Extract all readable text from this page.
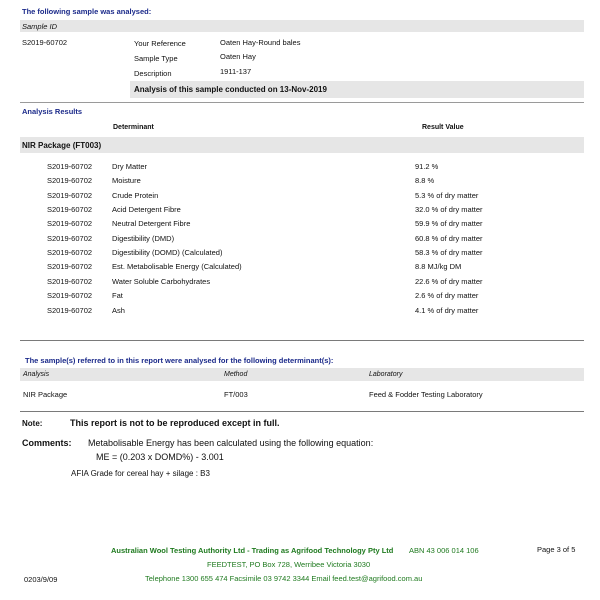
The following sample was analysed:
Sample ID
S2019-60702	Your Reference	Oaten Hay-Round bales
Sample Type	Oaten Hay
Description	1911-137
Analysis of this sample conducted on 13-Nov-2019
Analysis Results
Determinant	Result Value
NIR Package (FT003)
S2019-60702	Dry Matter	91.2 %
S2019-60702	Moisture	8.8 %
S2019-60702	Crude Protein	5.3 % of dry matter
S2019-60702	Acid Detergent Fibre	32.0 % of dry matter
S2019-60702	Neutral Detergent Fibre	59.9 % of dry matter
S2019-60702	Digestibility (DMD)	60.8 % of dry matter
S2019-60702	Digestibility (DOMD) (Calculated)	58.3 % of dry matter
S2019-60702	Est. Metabolisable Energy (Calculated)	8.8 MJ/kg DM
S2019-60702	Water Soluble Carbohydrates	22.6 % of dry matter
S2019-60702	Fat	2.6 % of dry matter
S2019-60702	Ash	4.1 % of dry matter
The sample(s) referred to in this report were analysed for the following determinant(s):
Analysis	Method	Laboratory
NIR Package	FT/003	Feed & Fodder Testing Laboratory
Note:	This report is not to be reproduced except in full.
Comments: Metabolisable Energy has been calculated using the following equation:
ME = (0.203 x DOMD%) - 3.001
AFIA Grade for cereal hay + silage : B3
Australian Wool Testing Authority Ltd - Trading as Agrifood Technology Pty Ltd ABN 43 006 014 106
FEEDTEST, PO Box 728, Werribee Victoria 3030
Telephone 1300 655 474 Facsimile 03 9742 3344 Email feed.test@agrifood.com.au
Page 3 of 5
0203/9/09
